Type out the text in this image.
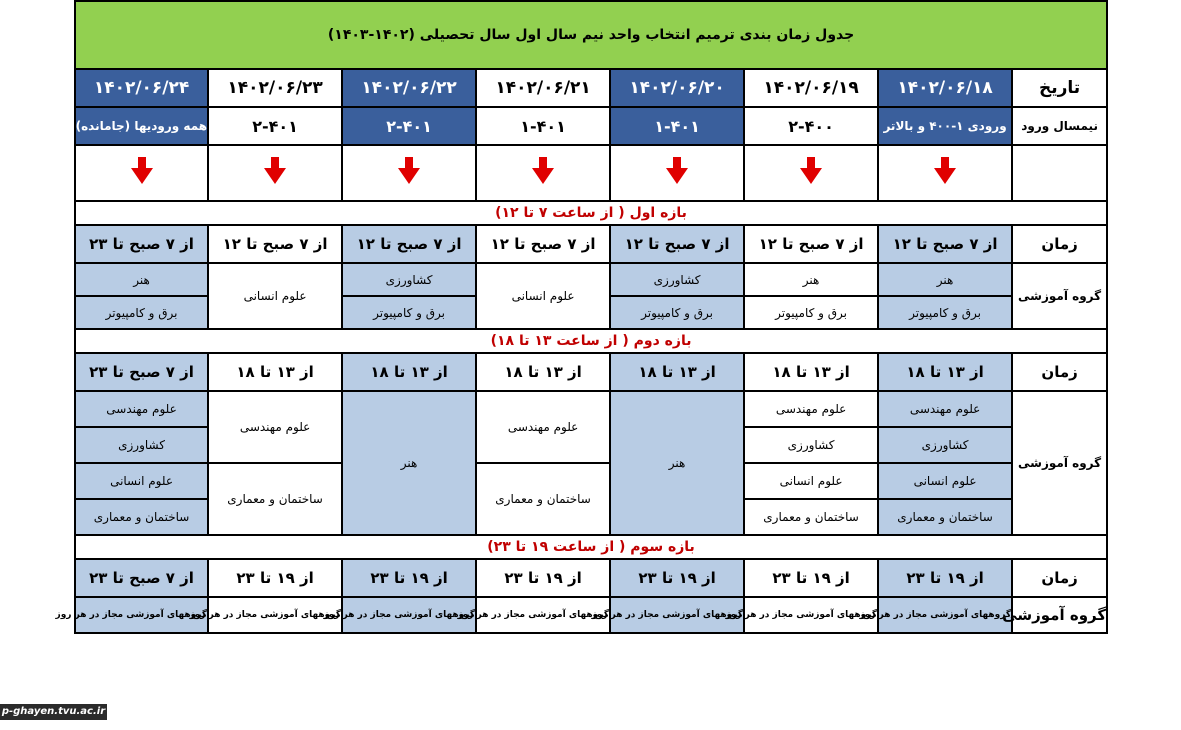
جدول زمان بندی ترمیم انتخاب واحد نیم سال اول سال تحصیلی (۱۴۰۲-۱۴۰۳)							
تاریخ	۱۴۰۲/۰۶/۱۸	۱۴۰۲/۰۶/۱۹	۱۴۰۲/۰۶/۲۰	۱۴۰۲/۰۶/۲۱	۱۴۰۲/۰۶/۲۲	۱۴۰۲/۰۶/۲۳	۱۴۰۲/۰۶/۲۴
نیمسال ورود	ورودی ۱-۴۰۰ و بالاتر	۲-۴۰۰	۱-۴۰۱	۱-۴۰۱	۲-۴۰۱	۲-۴۰۱	همه ورودیها (جامانده)

بازه اول ( از ساعت ۷ تا ۱۲)							
زمان	از ۷ صبح تا ۱۲	از ۷ صبح تا ۱۲	از ۷ صبح تا ۱۲	از ۷ صبح تا ۱۲	از ۷ صبح تا ۱۲	از ۷ صبح تا ۱۲	از ۷ صبح تا ۲۳
گروه آموزشی	هنر	هنر	کشاورزی	علوم انسانی	کشاورزی	علوم انسانی	هنر
	برق و کامپیوتر	برق و کامپیوتر	برق و کامپیوتر		برق و کامپیوتر		برق و کامپیوتر
بازه دوم ( از ساعت ۱۳ تا ۱۸)							
زمان	از ۱۳ تا ۱۸	از ۱۳ تا ۱۸	از ۱۳ تا ۱۸	از ۱۳ تا ۱۸	از ۱۳ تا ۱۸	از ۱۳ تا ۱۸	از ۷ صبح تا ۲۳
گروه آموزشی	علوم مهندسی	علوم مهندسی	هنر	علوم مهندسی	هنر	علوم مهندسی	علوم مهندسی
	کشاورزی	کشاورزی					کشاورزی
	علوم انسانی	علوم انسانی		ساختمان و معماری		ساختمان و معماری	علوم انسانی
	ساختمان و معماری	ساختمان و معماری					ساختمان و معماری
بازه سوم ( از ساعت ۱۹ تا ۲۳)							
زمان	از ۱۹ تا ۲۳	از ۱۹ تا ۲۳	از ۱۹ تا ۲۳	از ۱۹ تا ۲۳	از ۱۹ تا ۲۳	از ۱۹ تا ۲۳	از ۷ صبح تا ۲۳
گروه آموزشی	گروههای آموزشی مجاز در هر روز	گروههای آموزشی مجاز در هر روز	گروههای آموزشی مجاز در هر روز	گروههای آموزشی مجاز در هر روز	گروههای آموزشی مجاز در هر روز	گروههای آموزشی مجاز در هر روز	گروههای آموزشی مجاز در هر روز
p-ghayen.tvu.ac.ir
